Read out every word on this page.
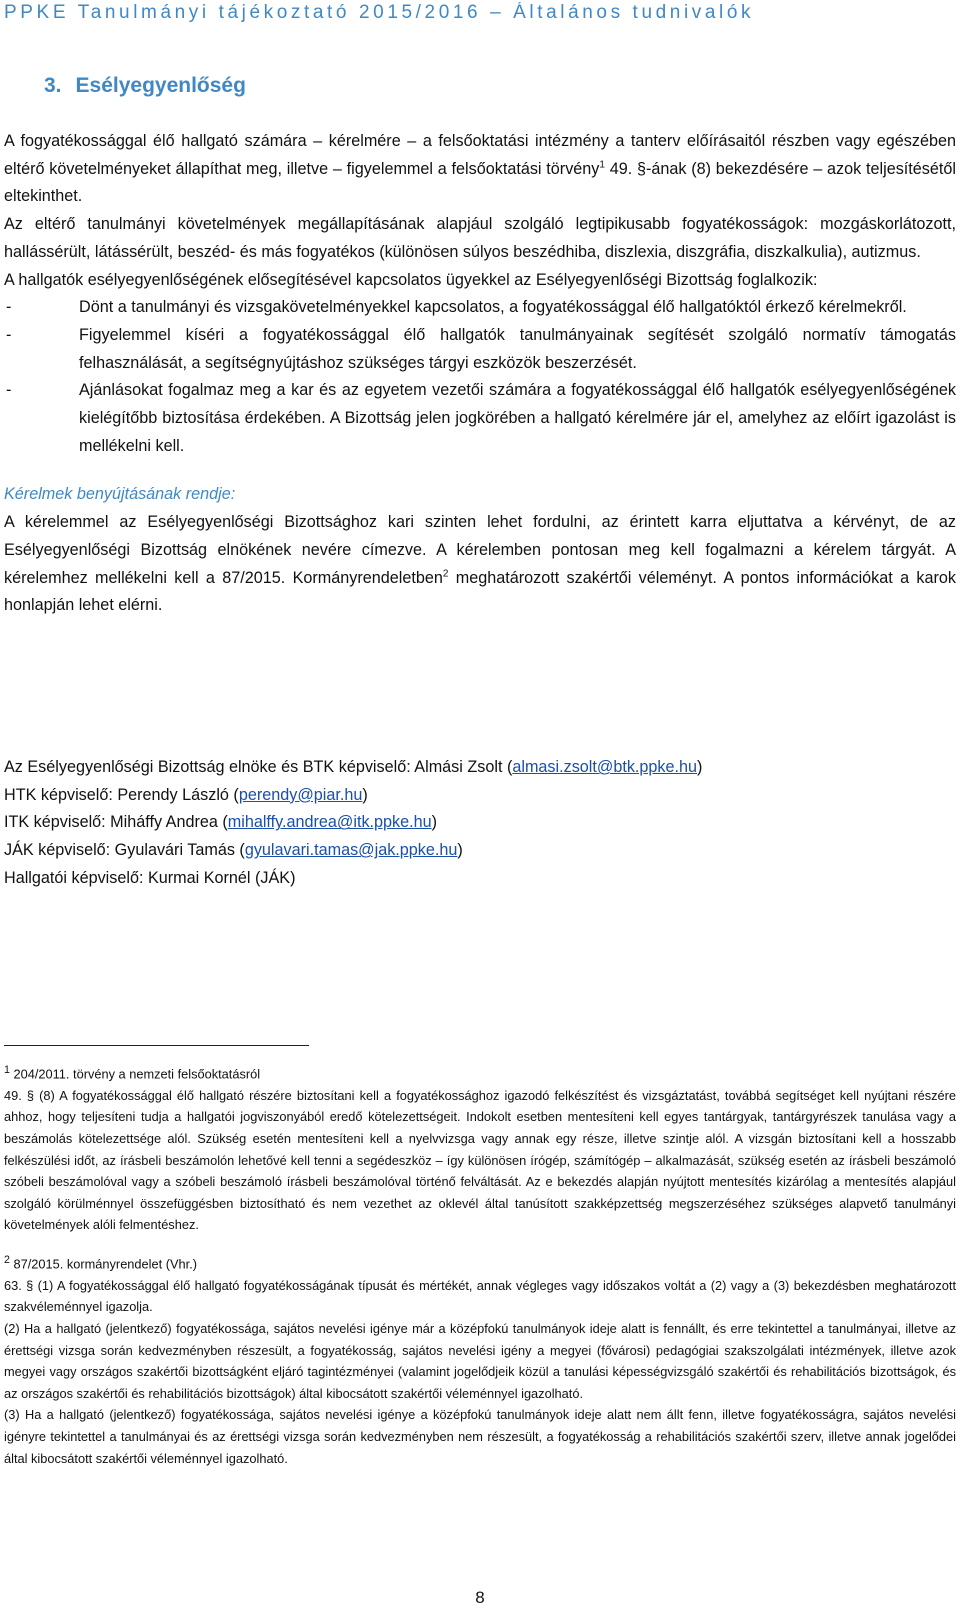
PPKE Tanulmányi tájékoztató 2015/2016 – Általános tudnivalók
3. Esélyegyenlőség

A fogyatékossággal élő hallgató számára – kérelmére – a felsőoktatási intézmény a tanterv előírásaitól részben vagy egészében eltérő követelményeket állapíthat meg, illetve – figyelemmel a felsőoktatási törvény$^1$ 49. §-ának (8) bekezdésére – azok teljesítésétől eltekinthet.

Az eltérő tanulmányi követelmények megállapításának alapjául szolgáló legtipikusabb fogyatékosságok: mozgáskorlátozott, hallássérült, látássérült, beszéd- és más fogyatékos (különösen súlyos beszédhiba, diszlexia, diszgráfia, diszkalkulia), autizmus.

A hallgatók esélyegyenlőségének elősegítésével kapcsolatos ügyekkel az Esélyegyenlőségi Bizottság foglalkozik:

- Dönt a tanulmányi és vizsgakövetelményekkel kapcsolatos, a fogyatékossággal élő hallgatóktól érkező kérelmekről.
- Figyelemmel kíséri a fogyatékossággal élő hallgatók tanulmányainak segítését szolgáló normatív támogatás felhasználását, a segítségnyújtáshoz szükséges tárgyi eszközök beszerzését.
- Ajánlásokat fogalmaz meg a kar és az egyetem vezetői számára a fogyatékossággal élő hallgatók esélyegyenlőségének kielégítőbb biztosítása érdekében. A Bizottság jelen jogkörében a hallgató kérelmére jár el, amelyhez az előírt igazolást is mellékelni kell.

Kérelmek benyújtásának rendje:

A kérelemmel az Esélyegyenlőségi Bizottsághoz kari szinten lehet fordulni, az érintett karra eljuttatva a kérvényt, de az Esélyegyenlőségi Bizottság elnökének nevére címezve. A kérelemben pontosan meg kell fogalmazni a kérelem tárgyát. A kérelemhez mellékelni kell a 87/2015. Kormányrendeletben$^2$ meghatározott szakértői véleményt. A pontos információkat a karok honlapján lehet elérni.

Az Esélyegyenlőségi Bizottság elnöke és BTK képviselő: Almási Zsolt (almasi.zsolt@btk.ppke.hu)

HTK képviselő: Perendy László (perendy@piar.hu)

ITK képviselő: Miháffy Andrea (mihalffy.andrea@itk.ppke.hu)

JÁK képviselő: Gyulavári Tamás (gyulavari.tamas@jak.ppke.hu)

Hallgatói képviselő: Kurmai Kornél (JÁK)

$^1$ 204/2011. törvény a nemzeti felsőoktatásról

49. § (8) A fogyatékossággal élő hallgató részére biztosítani kell a fogyatékossághoz igazodó felkészítést és vizsgáztatást, továbbá segítséget kell nyújtani részére ahhoz, hogy teljesíteni tudja a hallgatói jogviszonyából eredő kötelezettségeit. Indokolt esetben mentesíteni kell egyes tantárgyak, tantárgyrészek tanulása vagy a beszámolás kötelezettsége alól. Szükség esetén mentesíteni kell a nyelvvizsga vagy annak egy része, illetve szintje alól. A vizsgán biztosítani kell a hosszabb felkészülési időt, az írásbeli beszámolón lehetővé kell tenni a segédeszköz – így különösen írógép, számítógép – alkalmazását, szükség esetén az írásbeli beszámoló szóbeli beszámolóval vagy a szóbeli beszámoló írásbeli beszámolóval történő felváltását. Az e bekezdés alapján nyújtott mentesítés kizárólag a mentesítés alapjául szolgáló körülménnyel összefüggésben biztosítható és nem vezethet az oklevél által tanúsított szakképzettség megszerzéséhez szükséges alapvető tanulmányi követelmények alóli felmentéshez.

$^2$ 87/2015. kormányrendelet (Vhr.)

63. § (1) A fogyatékossággal élő hallgató fogyatékosságának típusát és mértékét, annak végleges vagy időszakos voltát a (2) vagy a (3) bekezdésben meghatározott szakvéleménnyel igazolja.

(2) Ha a hallgató (jelentkező) fogyatékossága, sajátos nevelési igénye már a középfokú tanulmányok ideje alatt is fennállt, és erre tekintettel a tanulmányai, illetve az érettségi vizsga során kedvezményben részesült, a fogyatékosság, sajátos nevelési igény a megyei (fővárosi) pedagógiai szakszolgálati intézmények, illetve azok megyei vagy országos szakértői bizottságként eljáró tagintézményei (valamint jogelődjeik közül a tanulási képességvizsgáló szakértői és rehabilitációs bizottságok, és az országos szakértői és rehabilitációs bizottságok) által kibocsátott szakértői véleménnyel igazolható.

(3) Ha a hallgató (jelentkező) fogyatékossága, sajátos nevelési igénye a középfokú tanulmányok ideje alatt nem állt fenn, illetve fogyatékosságra, sajátos nevelési igényre tekintettel a tanulmányai és az érettségi vizsga során kedvezményben nem részesült, a fogyatékosság a rehabilitációs szakértői szerv, illetve annak jogelődei által kibocsátott szakértői véleménnyel igazolható.

8
